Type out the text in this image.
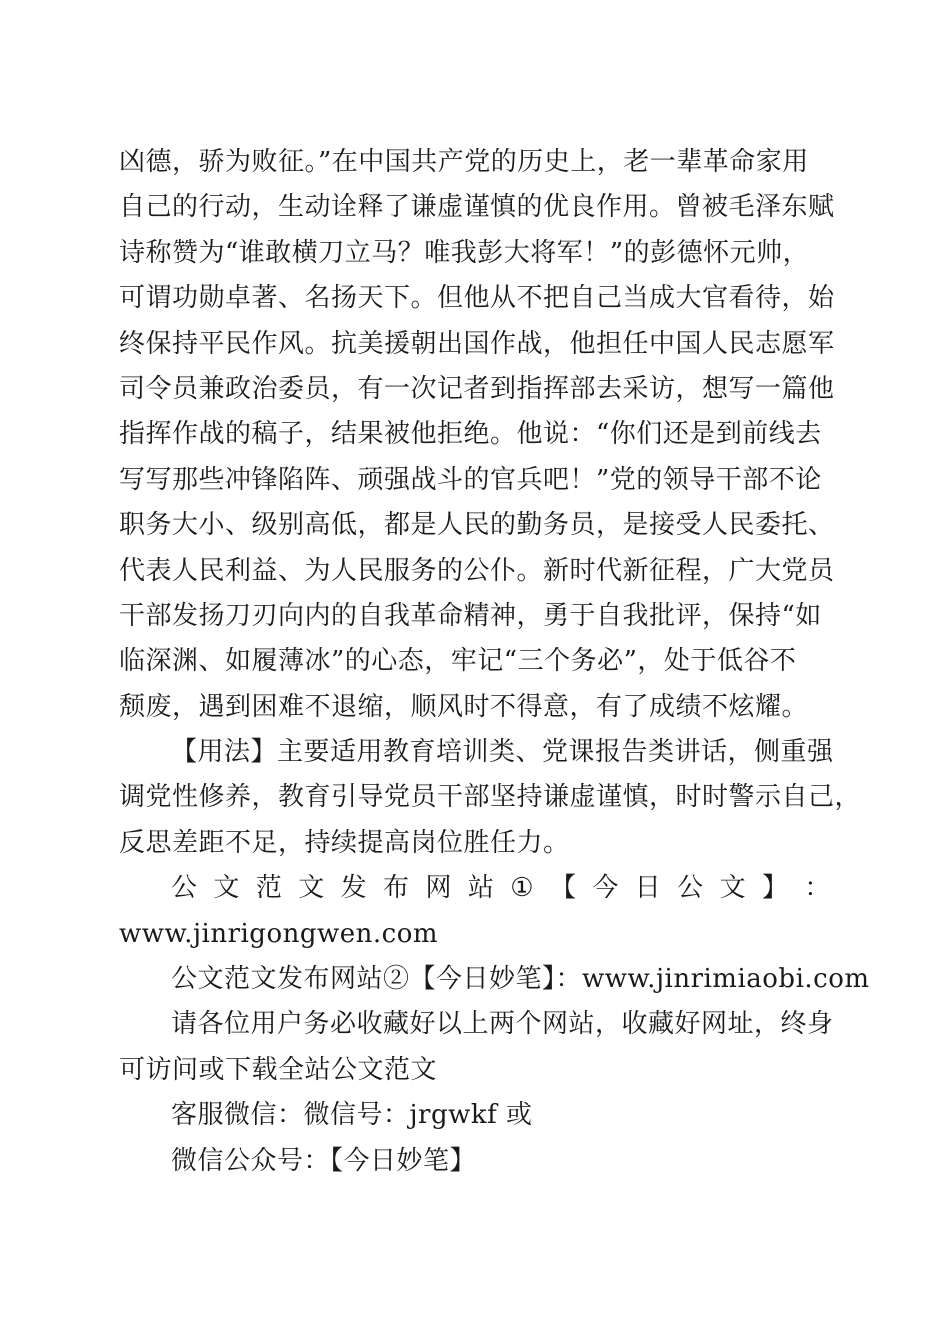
凶德，骄为败征。”在中国共产党的历史上，老一辈革命家用
自己的行动，生动诠释了谦虚谨慎的优良作用。曾被毛泽东赋
诗称赞为“谁敢横刀立马？唯我彭大将军！”的彭德怀元帅，
可谓功勋卓著、名扬天下。但他从不把自己当成大官看待，始
终保持平民作风。抗美援朝出国作战，他担任中国人民志愿军
司令员兼政治委员，有一次记者到指挥部去采访，想写一篇他
指挥作战的稿子，结果被他拒绝。他说：“你们还是到前线去
写写那些冲锋陷阵、顽强战斗的官兵吧！”党的领导干部不论
职务大小、级别高低，都是人民的勤务员，是接受人民委托、
代表人民利益、为人民服务的公仆。新时代新征程，广大党员
干部发扬刀刃向内的自我革命精神，勇于自我批评，保持“如
临深渊、如履薄冰”的心态，牢记“三个务必”，处于低谷不
颓废，遇到困难不退缩，顺风时不得意，有了成绩不炫耀。
【用法】主要适用教育培训类、党课报告类讲话，侧重强
调党性修养，教育引导党员干部坚持谦虚谨慎，时时警示自己，
反思差距不足，持续提高岗位胜任力。
公 文 范 文 发 布 网 站 ① 【 今 日 公 文 】 ：
www.jinrigongwen.com
公文范文发布网站②【今日妙笔】：www.jinrimiaobi.com
请各位用户务必收藏好以上两个网站，收藏好网址，终身
可访问或下载全站公文范文
客服微信：微信号：jrgwkf 或
微信公众号：【今日妙笔】
